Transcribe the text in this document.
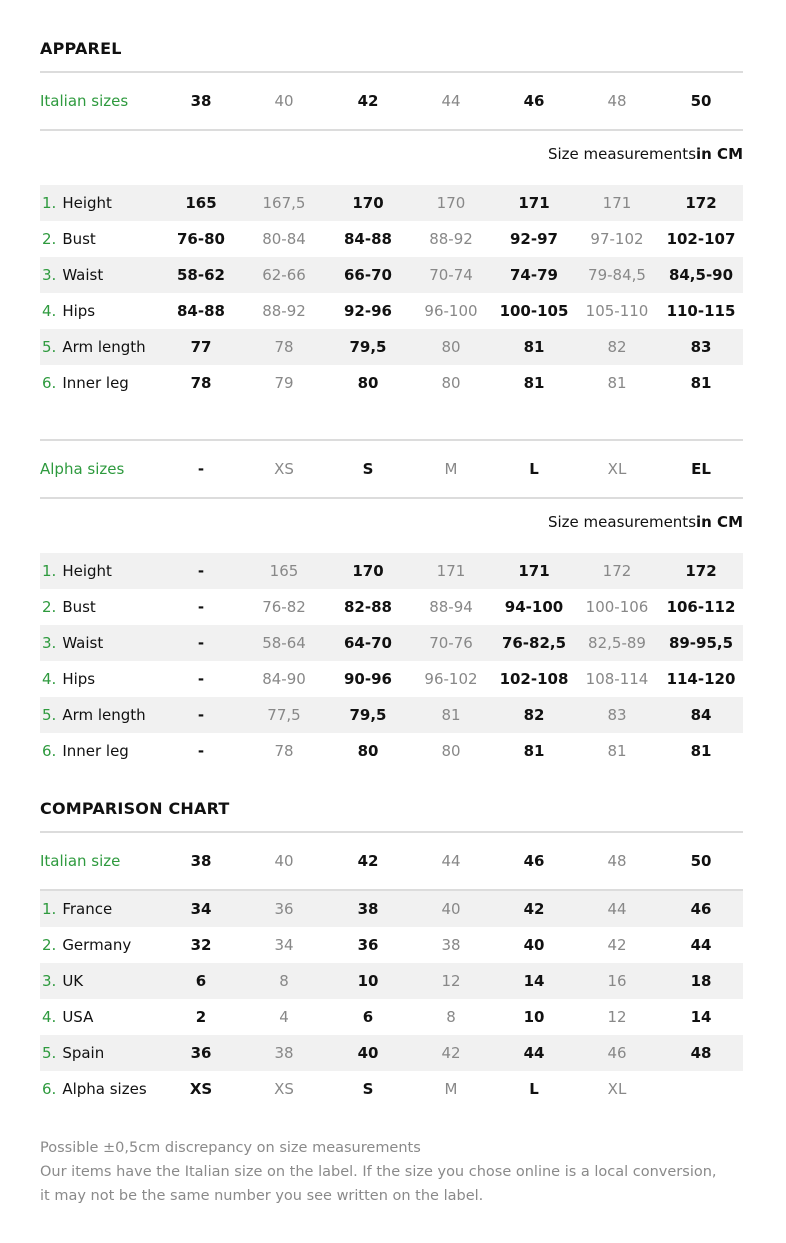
APPAREL
Italian sizes	38	40	42	44	46	48	50
Size measurementsin CM
1. Height	165	167,5	170	170	171	171	172
2. Bust	76-80	80-84	84-88	88-92	92-97	97-102	102-107
3. Waist	58-62	62-66	66-70	70-74	74-79	79-84,5	84,5-90
4. Hips	84-88	88-92	92-96	96-100	100-105	105-110	110-115
5. Arm length	77	78	79,5	80	81	82	83
6. Inner leg	78	79	80	80	81	81	81
Alpha sizes	-	XS	S	M	L	XL	EL
Size measurementsin CM
1. Height	-	165	170	171	171	172	172
2. Bust	-	76-82	82-88	88-94	94-100	100-106	106-112
3. Waist	-	58-64	64-70	70-76	76-82,5	82,5-89	89-95,5
4. Hips	-	84-90	90-96	96-102	102-108	108-114	114-120
5. Arm length	-	77,5	79,5	81	82	83	84
6. Inner leg	-	78	80	80	81	81	81
COMPARISON CHART
Italian size	38	40	42	44	46	48	50
1. France	34	36	38	40	42	44	46
2. Germany	32	34	36	38	40	42	44
3. UK	6	8	10	12	14	16	18
4. USA	2	4	6	8	10	12	14
5. Spain	36	38	40	42	44	46	48
6. Alpha sizes	XS	XS	S	M	L	XL
Possible ±0,5cm discrepancy on size measurements
Our items have the Italian size on the label. If the size you chose online is a local conversion,
it may not be the same number you see written on the label.
